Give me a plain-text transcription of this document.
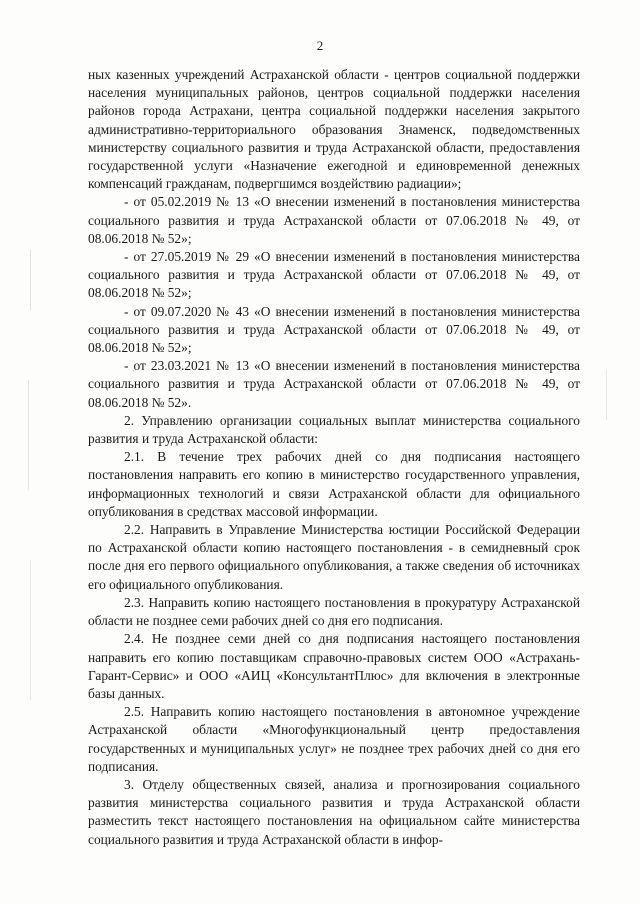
2

ных казенных учреждений Астраханской области - центров социальной поддержки населения муниципальных районов, центров социальной поддержки населения районов города Астрахани, центра социальной поддержки населения закрытого административно-территориального образования Знаменск, подведомственных министерству социального развития и труда Астраханской области, предоставления государственной услуги «Назначение ежегодной и единовременной денежных компенсаций гражданам, подвергшимся воздействию радиации»;

- от 05.02.2019 № 13 «О внесении изменений в постановления министерства социального развития и труда Астраханской области от 07.06.2018 № 49, от 08.06.2018 № 52»;

- от 27.05.2019 № 29 «О внесении изменений в постановления министерства социального развития и труда Астраханской области от 07.06.2018 № 49, от 08.06.2018 № 52»;

- от 09.07.2020 № 43 «О внесении изменений в постановления министерства социального развития и труда Астраханской области от 07.06.2018 № 49, от 08.06.2018 № 52»;

- от 23.03.2021 № 13 «О внесении изменений в постановления министерства социального развития и труда Астраханской области от 07.06.2018 № 49, от 08.06.2018 № 52».

2. Управлению организации социальных выплат министерства социального развития и труда Астраханской области:

2.1. В течение трех рабочих дней со дня подписания настоящего постановления направить его копию в министерство государственного управления, информационных технологий и связи Астраханской области для официального опубликования в средствах массовой информации.

2.2. Направить в Управление Министерства юстиции Российской Федерации по Астраханской области копию настоящего постановления - в семидневный срок после дня его первого официального опубликования, а также сведения об источниках его официального опубликования.

2.3. Направить копию настоящего постановления в прокуратуру Астраханской области не позднее семи рабочих дней со дня его подписания.

2.4. Не позднее семи дней со дня подписания настоящего постановления направить его копию поставщикам справочно-правовых систем ООО «Астрахань-Гарант-Сервис» и ООО «АИЦ «КонсультантПлюс» для включения в электронные базы данных.

2.5. Направить копию настоящего постановления в автономное учреждение Астраханской области «Многофункциональный центр предоставления государственных и муниципальных услуг» не позднее трех рабочих дней со дня его подписания.

3. Отделу общественных связей, анализа и прогнозирования социального развития министерства социального развития и труда Астраханской области разместить текст настоящего постановления на официальном сайте министерства социального развития и труда Астраханской области в инфор-
